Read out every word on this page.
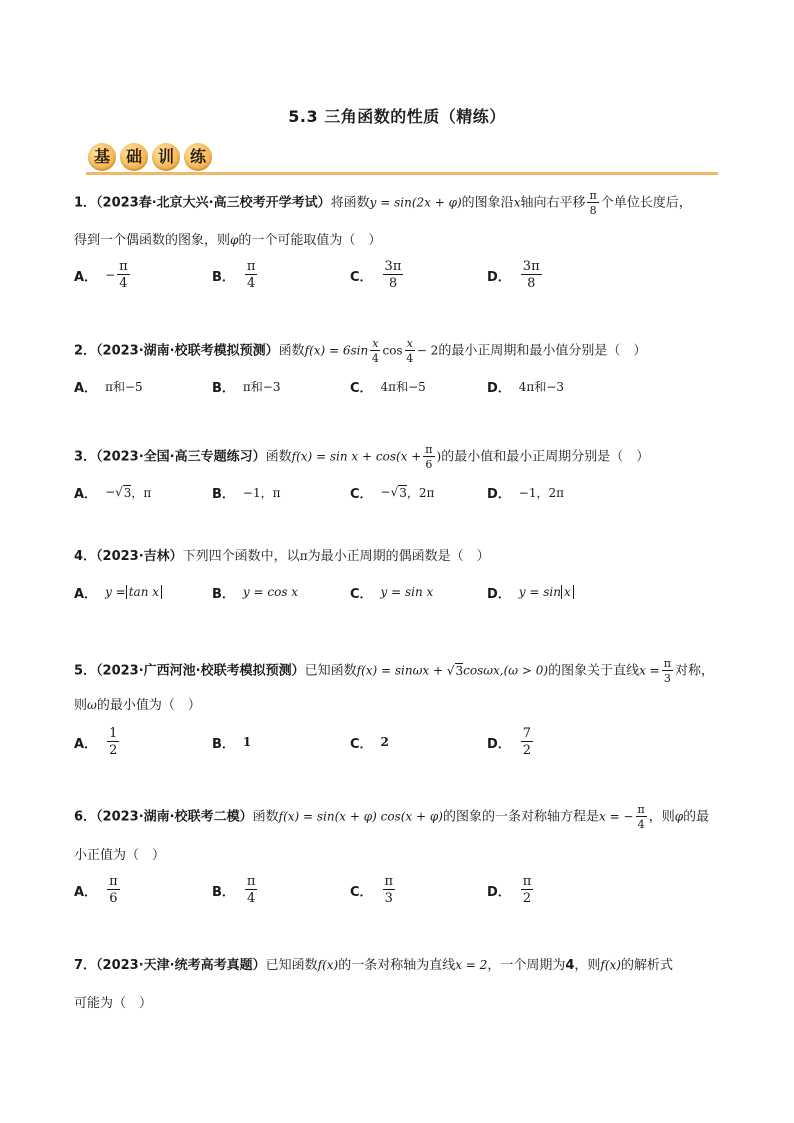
5.3 三角函数的性质（精练）
基 础 训 练
1．（2023春·北京大兴·高三校考开学考试）将函数y = sin(2x + φ)的图象沿x轴向右平移 $\frac{\pi}{8}$ 个单位长度后，
得到一个偶函数的图象，则φ的一个可能取值为（　）
A． − $\frac{\pi}{4}$	B． $\frac{\pi}{4}$	C． $\frac{3\pi}{8}$	D． $\frac{3\pi}{8}$
2．（2023·湖南·校联考模拟预测）函数$f(x) = 6\sin \frac{x}{4}$ $\cos \frac{x}{4} - 2$的最小正周期和最小值分别是（　）
A． π和−5	B． π和−3	C． 4π和−5	D． 4π和−3
3．（2023·全国·高三专题练习）函数$f(x) = \sin x + \cos(x + \frac{\pi}{6}$ )的最小值和最小正周期分别是（　）
A． − √ 3 ，π	B． −1，π	C． − √ 3 ，2π	D． −1，2π
4．（2023·吉林）下列四个函数中，以π为最小正周期的偶函数是（　）
A． y = tan x	B． y = cos x	C． y = sin x	D． y = sin x
5．（2023·广西河池·校联考模拟预测）已知函数f(x) = sinωx + √3cosωx,(ω > 0)的图象关于直线$x = \frac{\pi}{3}$ 对称，
则ω的最小值为（　）
A． $\frac{1}{2}$	B． 1	C． 2	D． $\frac{7}{2}$
6．（2023·湖南·校联考二模）函数f(x) = sin(x + φ) cos(x + φ)的图象的一条对称轴方程是x = − $\frac{\pi}{4}$ ，则φ的最
小正值为（　）
A． $\frac{\pi}{6}$	B． $\frac{\pi}{4}$	C． $\frac{\pi}{3}$	D． $\frac{\pi}{2}$
7．（2023·天津·统考高考真题）已知函数f(x)的一条对称轴为直线x = 2，一个周期为4，则f(x)的解析式
可能为（　）
